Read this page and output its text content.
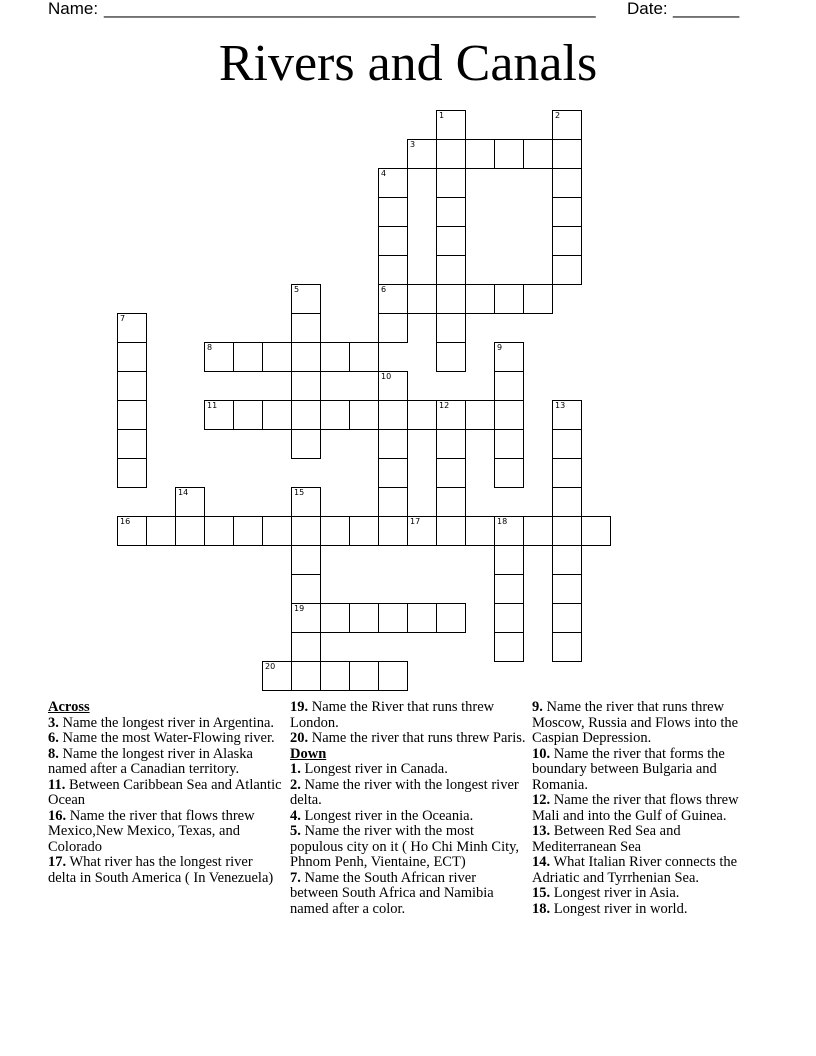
Name: ____________________________________________________ Date: _______
Rivers and Canals
1	2
3
4
6
5
7
8	9
10
11	12	13
14	15
19
16	17	18
20
Across
3. Name the longest river in Argentina.
6. Name the most Water-Flowing river.
8. Name the longest river in Alaska named after a Canadian territory.
11. Between Caribbean Sea and Atlantic Ocean
16. Name the river that flows threw Mexico,New Mexico, Texas, and Colorado
17. What river has the longest river delta in South America ( In Venezuela)
19. Name the River that runs threw London.
20. Name the river that runs threw Paris.
Down
1. Longest river in Canada.
2. Name the river with the longest river delta.
4. Longest river in the Oceania.
5. Name the river with the most populous city on it ( Ho Chi Minh City, Phnom Penh, Vientaine, ECT)
7. Name the South African river between South Africa and Namibia named after a color.
9. Name the river that runs threw Moscow, Russia and Flows into the Caspian Depression.
10. Name the river that forms the boundary between Bulgaria and Romania.
12. Name the river that flows threw Mali and into the Gulf of Guinea.
13. Between Red Sea and Mediterranean Sea
14. What Italian River connects the Adriatic and Tyrrhenian Sea.
15. Longest river in Asia.
18. Longest river in world.
